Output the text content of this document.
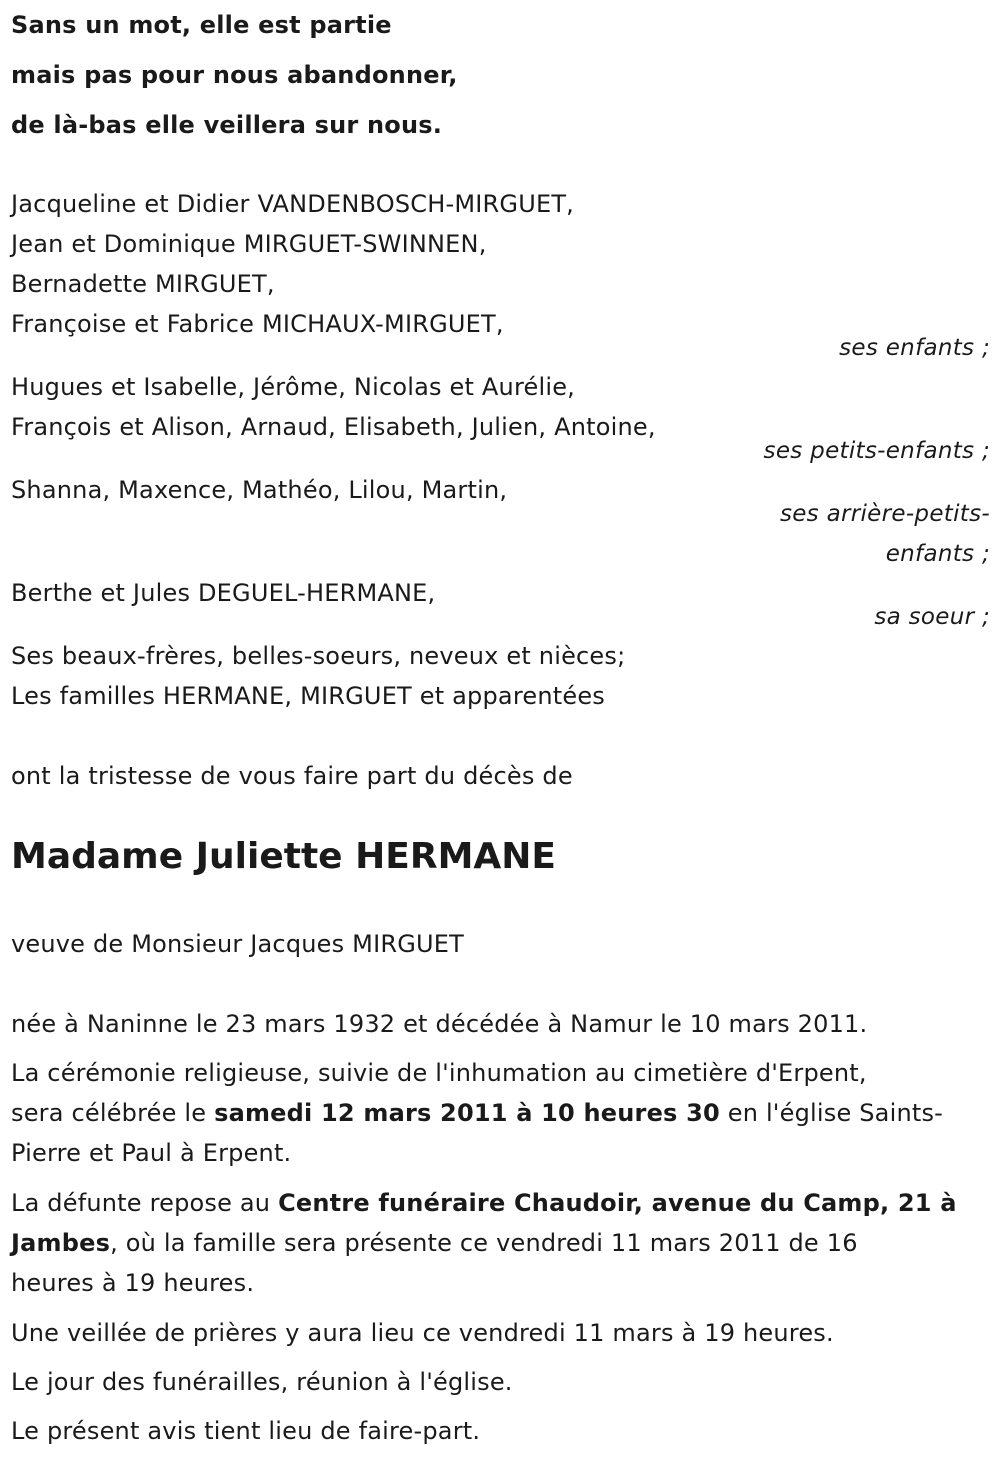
Sans un mot, elle est partie
mais pas pour nous abandonner,
de là-bas elle veillera sur nous.
Jacqueline et Didier VANDENBOSCH-MIRGUET,
Jean et Dominique MIRGUET-SWINNEN,
Bernadette MIRGUET,
Françoise et Fabrice MICHAUX-MIRGUET,
ses enfants ;
Hugues et Isabelle, Jérôme, Nicolas et Aurélie,
François et Alison, Arnaud, Elisabeth, Julien, Antoine,
ses petits-enfants ;
Shanna, Maxence, Mathéo, Lilou, Martin,
ses arrière-petits-
enfants ;
Berthe et Jules DEGUEL-HERMANE,
sa soeur ;
Ses beaux-frères, belles-soeurs, neveux et nièces;
Les familles HERMANE, MIRGUET et apparentées
ont la tristesse de vous faire part du décès de
Madame Juliette HERMANE
veuve de Monsieur Jacques MIRGUET
née à Naninne le 23 mars 1932 et décédée à Namur le 10 mars 2011.
La cérémonie religieuse, suivie de l'inhumation au cimetière d'Erpent,
sera célébrée le samedi 12 mars 2011 à 10 heures 30 en l'église Saints-
Pierre et Paul à Erpent.
La défunte repose au Centre funéraire Chaudoir, avenue du Camp, 21 à
Jambes, où la famille sera présente ce vendredi 11 mars 2011 de 16
heures à 19 heures.
Une veillée de prières y aura lieu ce vendredi 11 mars à 19 heures.
Le jour des funérailles, réunion à l'église.
Le présent avis tient lieu de faire-part.
